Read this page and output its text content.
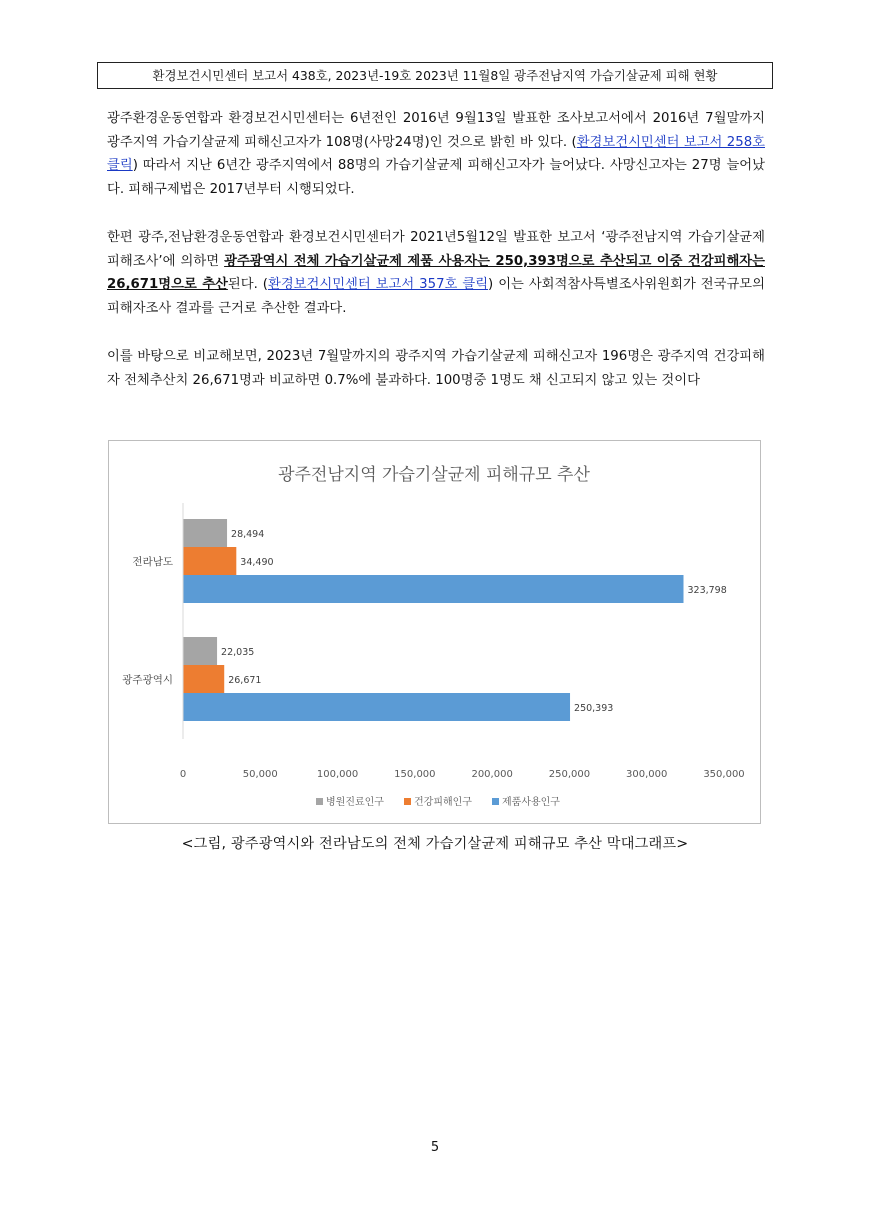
환경보건시민센터 보고서 438호, 2023년-19호 2023년 11월8일 광주전남지역 가습기살균제 피해 현황
광주환경운동연합과 환경보건시민센터는 6년전인 2016년 9월13일 발표한 조사보고서에서 2016년 7월말까지 광주지역 가습기살균제 피해신고자가 108명(사망24명)인 것으로 밝힌 바 있다. (환경보건시민센터 보고서 258호 클릭) 따라서 지난 6년간 광주지역에서 88명의 가습기살균제 피해신고자가 늘어났다. 사망신고자는 27명 늘어났다. 피해구제법은 2017년부터 시행되었다.
한편 광주,전남환경운동연합과 환경보건시민센터가 2021년5월12일 발표한 보고서 ‘광주전남지역 가습기살균제 피해조사’에 의하면 광주광역시 전체 가습기살균제 제품 사용자는 250,393명으로 추산되고 이중 건강피해자는 26,671명으로 추산된다. (환경보건시민센터 보고서 357호 클릭) 이는 사회적참사특별조사위원회가 전국규모의 피해자조사 결과를 근거로 추산한 결과다.
이를 바탕으로 비교해보면, 2023년 7월말까지의 광주지역 가습기살균제 피해신고자 196명은 광주지역 건강피해자 전체추산치 26,671명과 비교하면 0.7%에 불과하다. 100명중 1명도 채 신고되지 않고 있는 것이다
광주전남지역 가습기살균제 피해규모 추산
28,494
34,490
323,798
22,035
26,671
250,393
전라남도
광주광역시
0	50,000	100,000	150,000	200,000	250,000	300,000	350,000
병원진료인구	건강피해인구	제품사용인구
<그림, 광주광역시와 전라남도의 전체 가습기살균제 피해규모 추산 막대그래프>
5
